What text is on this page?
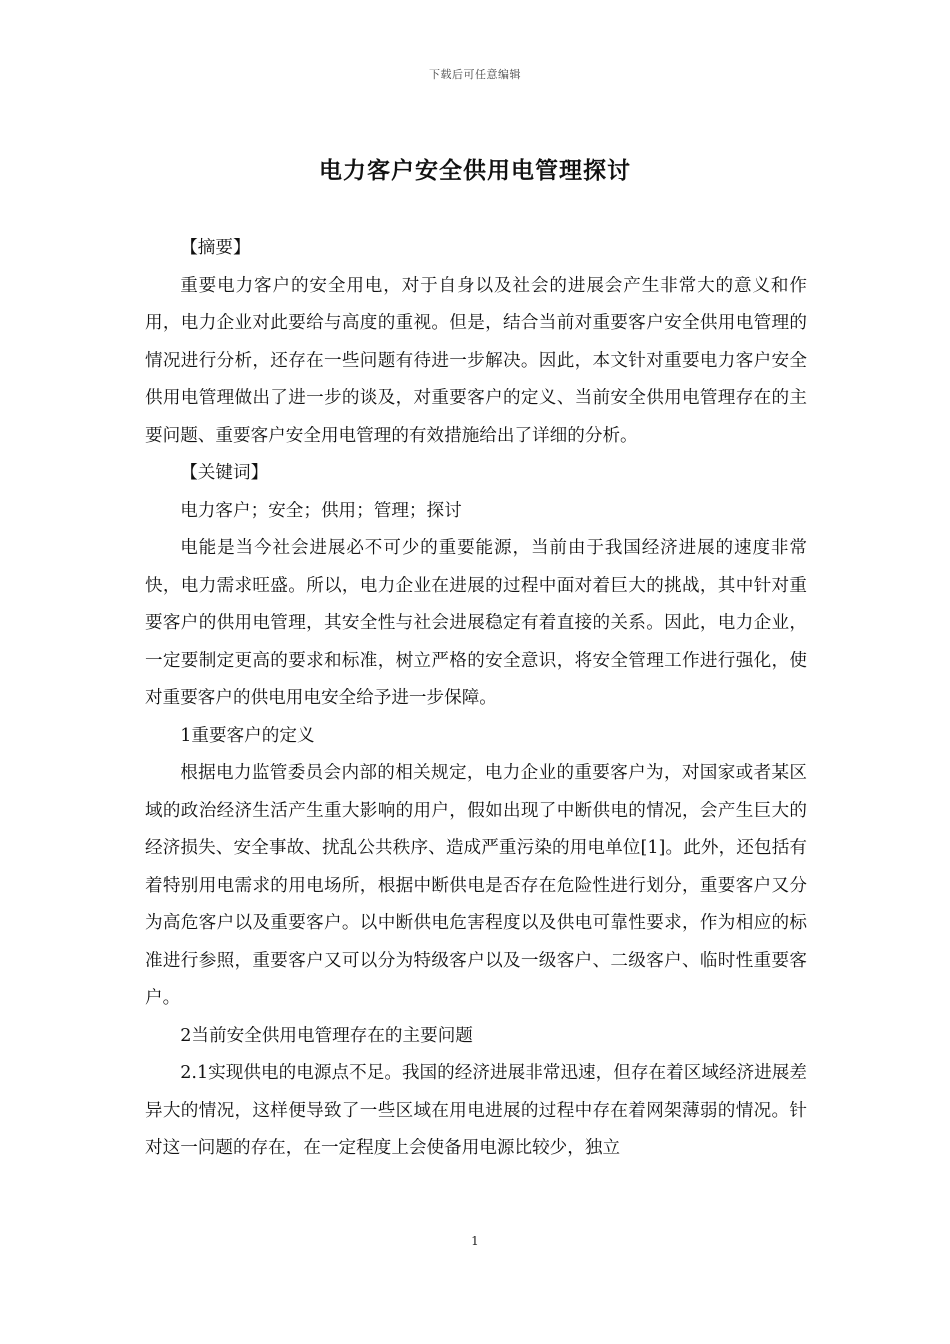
下载后可任意编辑
电力客户安全供用电管理探讨

【摘要】

重要电力客户的安全用电，对于自身以及社会的进展会产生非常大的意义和作用，电力企业对此要给与高度的重视。但是，结合当前对重要客户安全供用电管理的情况进行分析，还存在一些问题有待进一步解决。因此，本文针对重要电力客户安全供用电管理做出了进一步的谈及，对重要客户的定义、当前安全供用电管理存在的主要问题、重要客户安全用电管理的有效措施给出了详细的分析。

【关键词】

电力客户；安全；供用；管理；探讨

电能是当今社会进展必不可少的重要能源，当前由于我国经济进展的速度非常快，电力需求旺盛。所以，电力企业在进展的过程中面对着巨大的挑战，其中针对重要客户的供用电管理，其安全性与社会进展稳定有着直接的关系。因此，电力企业，一定要制定更高的要求和标准，树立严格的安全意识，将安全管理工作进行强化，使对重要客户的供电用电安全给予进一步保障。

1重要客户的定义

根据电力监管委员会内部的相关规定，电力企业的重要客户为，对国家或者某区域的政治经济生活产生重大影响的用户，假如出现了中断供电的情况，会产生巨大的经济损失、安全事故、扰乱公共秩序、造成严重污染的用电单位[1]。此外，还包括有着特别用电需求的用电场所，根据中断供电是否存在危险性进行划分，重要客户又分为高危客户以及重要客户。以中断供电危害程度以及供电可靠性要求，作为相应的标准进行参照，重要客户又可以分为特级客户以及一级客户、二级客户、临时性重要客户。

2当前安全供用电管理存在的主要问题

2.1实现供电的电源点不足。我国的经济进展非常迅速，但存在着区域经济进展差异大的情况，这样便导致了一些区域在用电进展的过程中存在着网架薄弱的情况。针对这一问题的存在，在一定程度上会使备用电源比较少，独立

1
